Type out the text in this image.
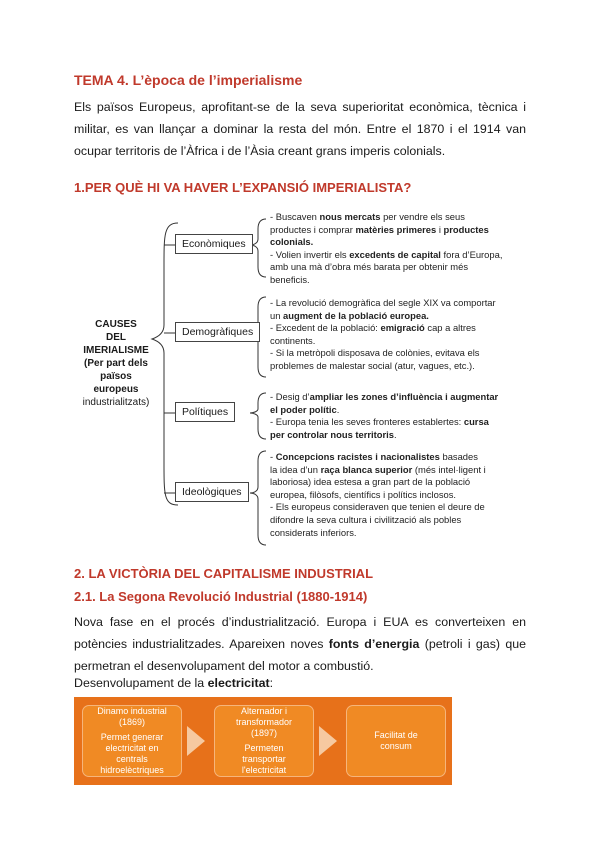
TEMA 4. L’època de l’imperialisme

Els països Europeus, aprofitant-se de la seva superioritat econòmica, tècnica i militar, es van llançar a dominar la resta del món. Entre el 1870 i el 1914 van ocupar territoris de l’Àfrica i de l’Àsia creant grans imperis colonials.

1.PER QUÈ HI VA HAVER L’EXPANSIÓ IMPERIALISTA?
CAUSES
DEL
IMERIALISME
(Per part dels
països
europeus
industrialitzats)
Econòmiques
Demogràfiques
Polítiques
Ideològiques

- Buscaven nous mercats per vendre els seus

productes i comprar matèries primeres i productes

colonials.

- Volien invertir els excedents de capital fora d’Europa,

amb una mà d’obra més barata per obtenir més

beneficis.

- La revolució demogràfica del segle XIX va comportar

un augment de la població europea.

- Excedent de la població: emigració cap a altres

continents.

- Si la metròpoli disposava de colònies, evitava els

problemes de malestar social (atur, vagues, etc.).

- Desig d’ampliar les zones d’influència i augmentar

el poder polític.

- Europa tenia les seves fronteres establertes: cursa

per controlar nous territoris.

- Concepcions racistes i nacionalistes basades

la idea d’un raça blanca superior (més intel·ligent i

laboriosa) idea estesa a gran part de la població

europea, filòsofs, científics i polítics inclosos.

- Els europeus consideraven que tenien el deure de

difondre la seva cultura i civilització als pobles

considerats inferiors.

2. LA VICTÒRIA DEL CAPITALISME INDUSTRIAL
2.1. La Segona Revolució Industrial (1880-1914)

Nova fase en el procés d’industrialització. Europa i EUA es converteixen en potències industrialitzades. Apareixen noves fonts d’energia (petroli i gas) que permetran el desenvolupament del motor a combustió.

Desenvolupament de la electricitat:

Dinamo industrial
(1869)
Permet generar
electricitat en
centrals
hidroelèctriques
Alternador i
transformador
(1897)
Permeten
transportar
l'electricitat
Facilitat de
consum
